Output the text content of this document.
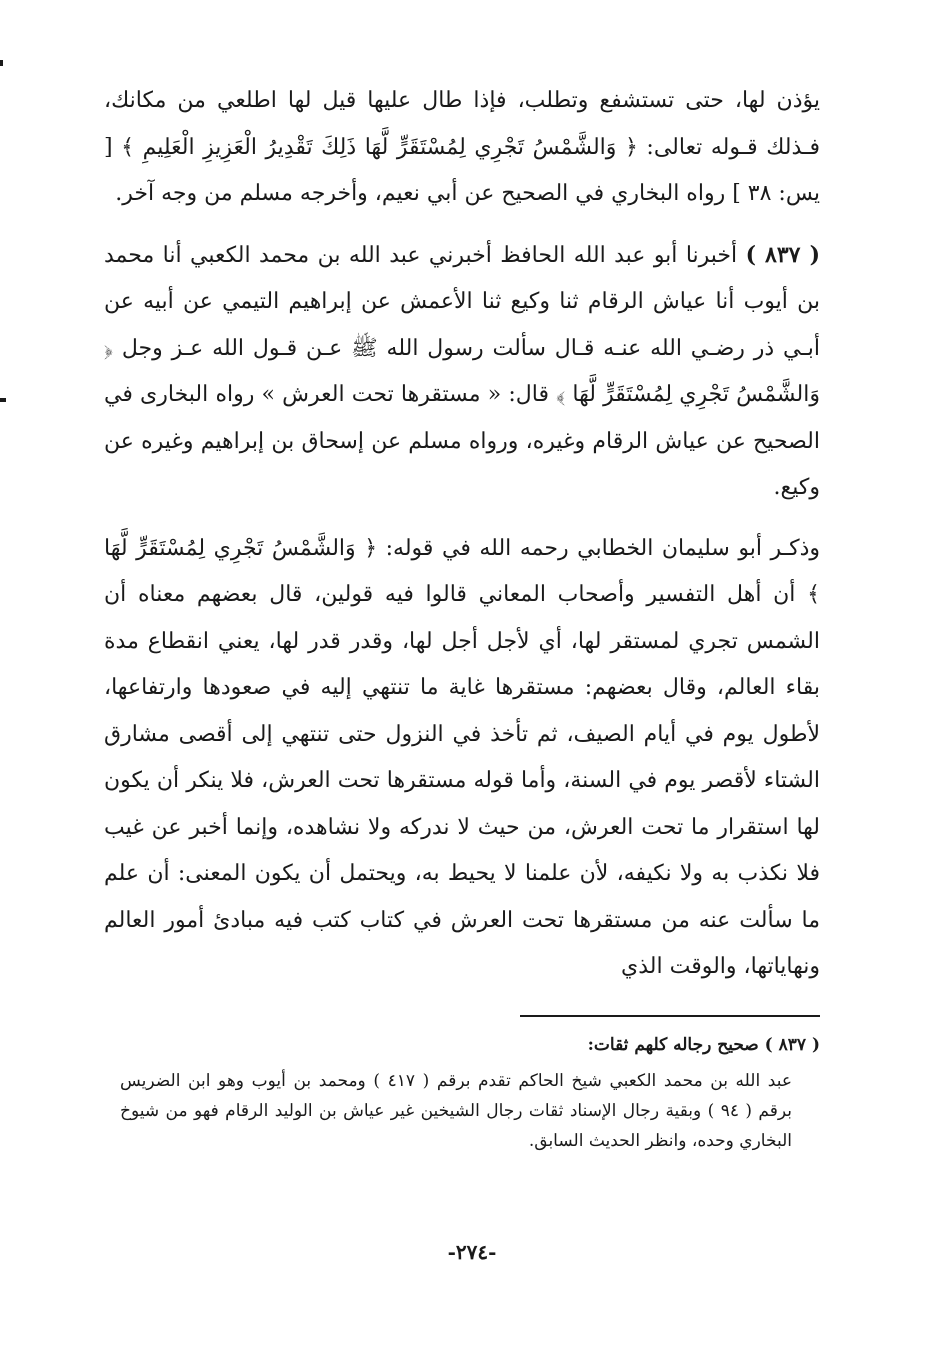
يؤذن لها، حتى تستشفع وتطلب، فإذا طال عليها قيل لها اطلعي من مكانك، فـذلك قـوله تعالى: ﴿ وَالشَّمْسُ تَجْرِي لِمُسْتَقَرٍّ لَّهَا ذَلِكَ تَقْدِيرُ الْعَزِيزِ الْعَلِيمِ ﴾ [ يس: ٣٨ ] رواه البخاري في الصحيح عن أبي نعيم، وأخرجه مسلم من وجه آخر.

( ٨٣٧ ) أخبرنا أبو عبد الله الحافظ أخبرني عبد الله بن محمد الكعبي أنا محمد بن أيوب أنا عياش الرقام ثنا وكيع ثنا الأعمش عن إبراهيم التيمي عن أبيه عن أبـي ذر رضـي الله عنـه قـال سألت رسول الله ﷺ عـن قـول الله عـز وجل ﴿ وَالشَّمْسُ تَجْرِي لِمُسْتَقَرٍّ لَّهَا ﴾ قال: « مستقرها تحت العرش » رواه البخارى في الصحيح عن عياش الرقام وغيره، ورواه مسلم عن إسحاق بن إبراهيم وغيره عن وكيع.

وذكـر أبو سليمان الخطابي رحمه الله في قوله: ﴿ وَالشَّمْسُ تَجْرِي لِمُسْتَقَرٍّ لَّهَا ﴾ أن أهل التفسير وأصحاب المعاني قالوا فيه قولين، قال بعضهم معناه أن الشمس تجري لمستقر لها، أي لأجل أجل لها، وقدر قدر لها، يعني انقطاع مدة بقاء العالم، وقال بعضهم: مستقرها غاية ما تنتهي إليه في صعودها وارتفاعها، لأطول يوم في أيام الصيف، ثم تأخذ في النزول حتى تنتهي إلى أقصى مشارق الشتاء لأقصر يوم في السنة، وأما قوله مستقرها تحت العرش، فلا ينكر أن يكون لها استقرار ما تحت العرش، من حيث لا ندركه ولا نشاهده، وإنما أخبر عن غيب فلا نكذب به ولا نكيفه، لأن علمنا لا يحيط به، ويحتمل أن يكون المعنى: أن علم ما سألت عنه من مستقرها تحت العرش في كتاب كتب فيه مبادئ أمور العالم ونهاياتها، والوقت الذي

( ٨٣٧ ) صحيح رجاله كلهم ثقات:

عبد الله بن محمد الكعبي شيخ الحاكم تقدم برقم ( ٤١٧ ) ومحمد بن أيوب وهو ابن الضريس برقم ( ٩٤ ) وبقية رجال الإسناد ثقات رجال الشيخين غير عياش بن الوليد الرقام فهو من شيوخ البخاري وحده، وانظر الحديث السابق.

-٢٧٤-
